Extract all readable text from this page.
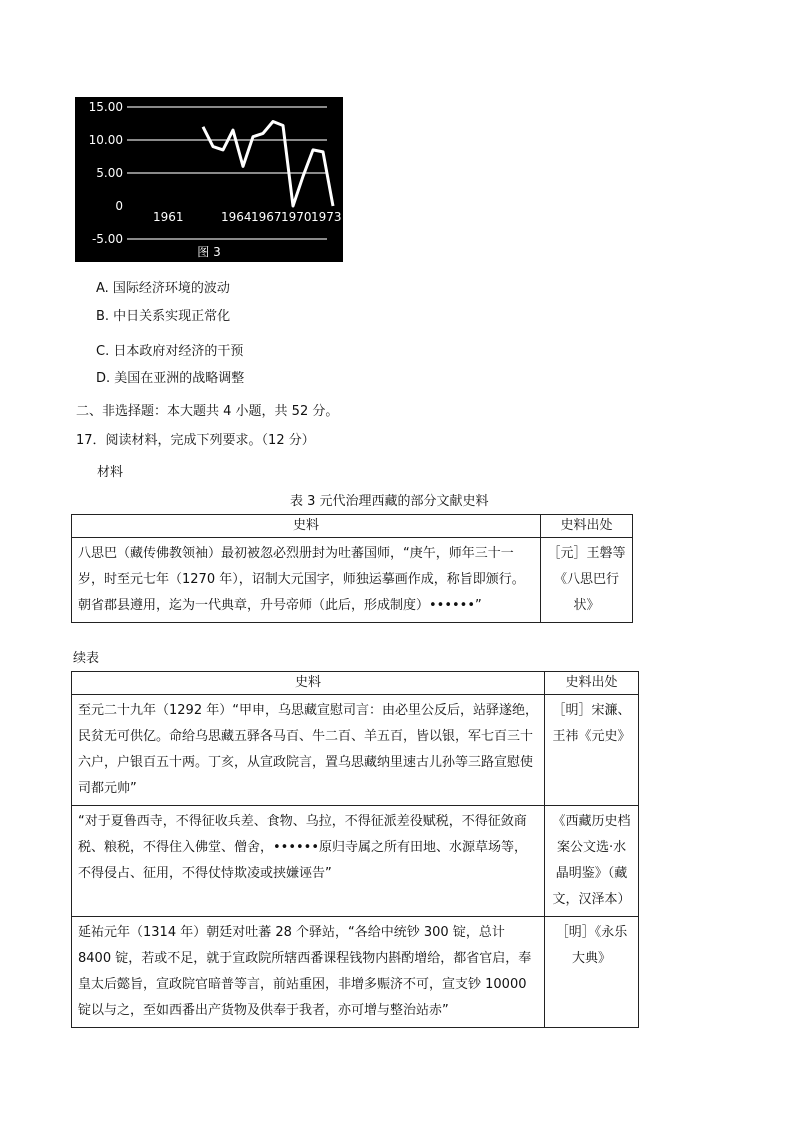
15.00
10.00
5.00
0
-5.00
1961	1964 1967 1970 1973 (年)
图 3
A. 国际经济环境的波动
B. 中日关系实现正常化
C. 日本政府对经济的干预
D. 美国在亚洲的战略调整
二、非选择题：本大题共 4 小题，共 52 分。
17．阅读材料，完成下列要求。（12 分）
材料
表 3 元代治理西藏的部分文献史料
史料	史料出处
八思巴（藏传佛教领袖）最初被忽必烈册封为吐蕃国师，“庚午，师年三十一岁，时至元七年（1270 年），诏制大元国字，师独运摹画作成，称旨即颁行。朝省郡县遵用，迄为一代典章，升号帝师（此后，形成制度）••••••”	［元］王磐等《八思巴行状》
续表
史料	史料出处
至元二十九年（1292 年）“甲申，乌思藏宣慰司言：由必里公反后，站驿遂绝，民贫无可供亿。命给乌思藏五驿各马百、牛二百、羊五百，皆以银，军七百三十六户，户银百五十两。丁亥，从宣政院言，置乌思藏纳里速古儿孙等三路宣慰使司都元帅”	［明］宋濂、王祎《元史》
“对于夏鲁西寺，不得征收兵差、食物、乌拉，不得征派差役赋税，不得征敛商税、粮税，不得住入佛堂、僧舍，••••••原归寺属之所有田地、水源草场等，不得侵占、征用，不得仗恃欺凌或挟嫌诬告”	《西藏历史档案公文选·水晶明鉴》（藏文，汉泽本）
延祐元年（1314 年）朝廷对吐蕃 28 个驿站，“各给中统钞 300 锭，总计 8400 锭，若或不足，就于宣政院所辖西番课程钱物内斟酌增给，都省官启，奉皇太后懿旨，宣政院官暗普等言，前站重困，非增多赈济不可，宣支钞 10000 锭以与之，至如西番出产货物及供奉于我者，亦可增与整治站赤”	［明］《永乐大典》
